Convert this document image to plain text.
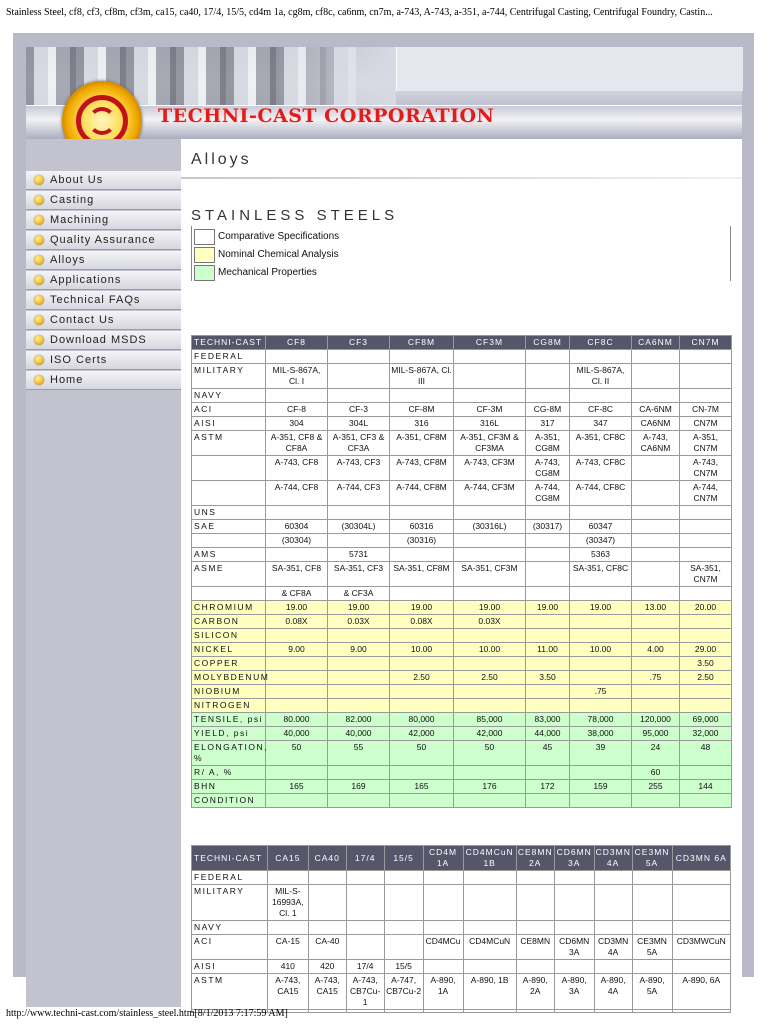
Stainless Steel, cf8, cf3, cf8m, cf3m, ca15, ca40, 17/4, 15/5, cd4m 1a, cg8m, cf8c, ca6nm, cn7m, a-743, A-743, a-351, a-744, Centrifugal Casting, Centrifugal Foundry, Castin...
TECHNI-CAST CORPORATION
About Us
Casting
Machining
Quality Assurance
Alloys
Applications
Technical FAQs
Contact Us
Download MSDS
ISO Certs
Home
Alloys
STAINLESS STEELS
Comparative Specifications
Nominal Chemical Analysis
Mechanical Properties
TECHNI-CAST	CF8	CF3	CF8M	CF3M	CG8M	CF8C	CA6NM	CN7M
FEDERAL								
MILITARY	MIL-S-867A, Cl. I		MIL-S-867A, Cl. III			MIL-S-867A, Cl. II		
NAVY								
ACI	CF-8	CF-3	CF-8M	CF-3M	CG-8M	CF-8C	CA-6NM	CN-7M
AISI	304	304L	316	316L	317	347	CA6NM	CN7M
ASTM	A-351, CF8 & CF8A	A-351, CF3 & CF3A	A-351, CF8M	A-351, CF3M & CF3MA	A-351, CG8M	A-351, CF8C	A-743, CA6NM	A-351, CN7M
	A-743, CF8	A-743, CF3	A-743, CF8M	A-743, CF3M	A-743, CG8M	A-743, CF8C		A-743, CN7M
	A-744, CF8	A-744, CF3	A-744, CF8M	A-744, CF3M	A-744, CG8M	A-744, CF8C		A-744, CN7M
UNS								
SAE	60304	(30304L)	60316	(30316L)	(30317)	60347		
	(30304)		(30316)			(30347)		
AMS		5731				5363		
ASME	SA-351, CF8	SA-351, CF3	SA-351, CF8M	SA-351, CF3M		SA-351, CF8C		SA-351, CN7M
	& CF8A	& CF3A						
CHROMIUM	19.00	19.00	19.00	19.00	19.00	19.00	13.00	20.00
CARBON	0.08X	0.03X	0.08X	0.03X				
SILICON								
NICKEL	9.00	9.00	10.00	10.00	11.00	10.00	4.00	29.00
COPPER								3.50
MOLYBDENUM			2.50	2.50	3.50		.75	2.50
NIOBIUM						.75		
NITROGEN								
TENSILE, psi	80.000	82.000	80,000	85,000	83,000	78,000	120,000	69,000
YIELD, psi	40,000	40,000	42,000	42,000	44,000	38,000	95,000	32,000
ELONGATION, %	50	55	50	50	45	39	24	48
R/ A, %							60	
BHN	165	169	165	176	172	159	255	144
CONDITION								
TECHNI-CAST	CA15	CA40	17/4	15/5	CD4M 1A	CD4MCuN 1B	CE8MN 2A	CD6MN 3A	CD3MN 4A	CE3MN 5A	CD3MN 6A
FEDERAL											
MILITARY	MIL-S-16993A, Cl. 1										
NAVY											
ACI	CA-15	CA-40			CD4MCu	CD4MCuN	CE8MN	CD6MN 3A	CD3MN 4A	CE3MN 5A	CD3MWCuN
AISI	410	420	17/4	15/5							
ASTM	A-743, CA15	A-743, CA15	A-743, CB7Cu-1	A-747, CB7Cu-2	A-890, 1A	A-890, 1B	A-890, 2A	A-890, 3A	A-890, 4A	A-890, 5A	A-890, 6A

http://www.techni-cast.com/stainless_steel.htm[8/1/2013 7:17:59 AM]
